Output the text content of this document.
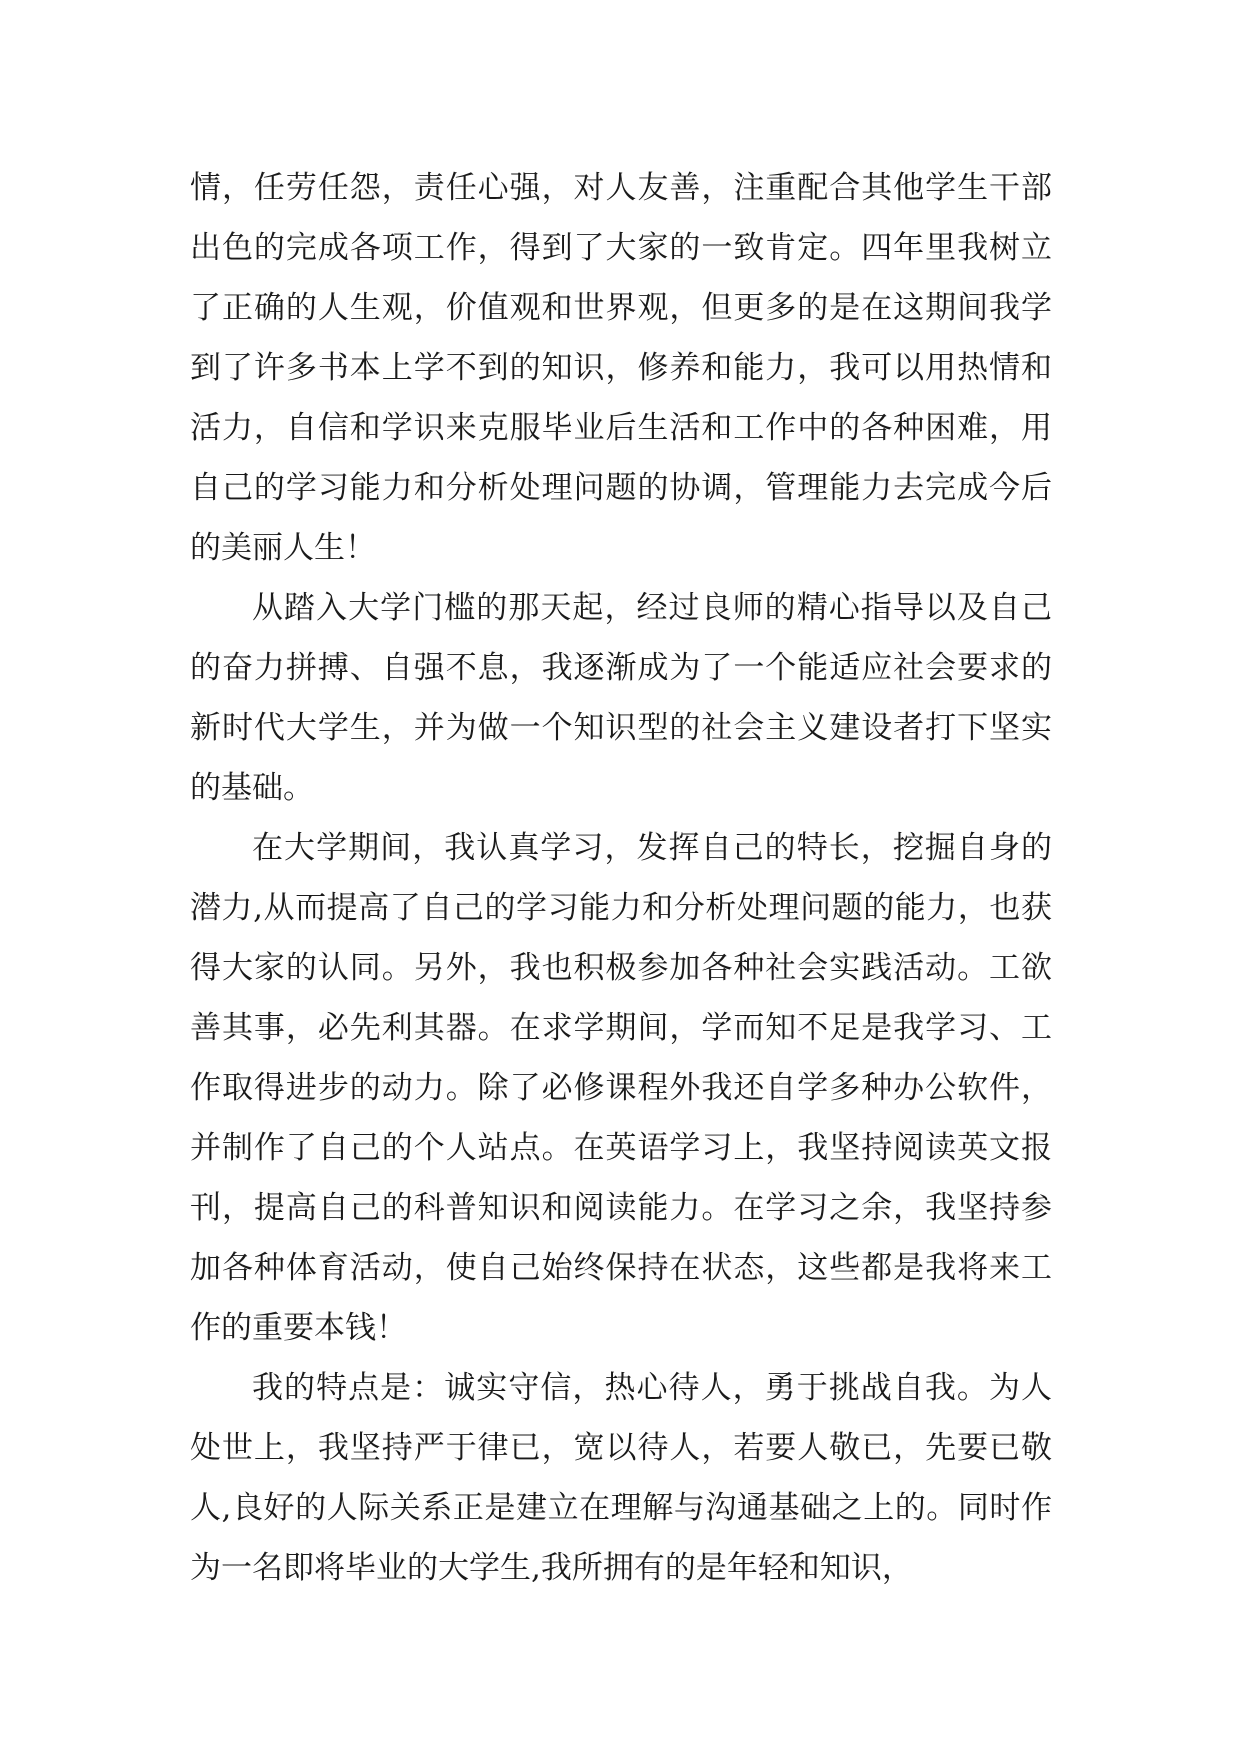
情，任劳任怨，责任心强，对人友善，注重配合其他学生干部出色的完成各项工作，得到了大家的一致肯定。四年里我树立了正确的人生观，价值观和世界观，但更多的是在这期间我学到了许多书本上学不到的知识，修养和能力，我可以用热情和活力，自信和学识来克服毕业后生活和工作中的各种困难，用自己的学习能力和分析处理问题的协调，管理能力去完成今后的美丽人生！

从踏入大学门槛的那天起，经过良师的精心指导以及自己的奋力拼搏、自强不息，我逐渐成为了一个能适应社会要求的新时代大学生，并为做一个知识型的社会主义建设者打下坚实的基础。

在大学期间，我认真学习，发挥自己的特长，挖掘自身的潜力,从而提高了自己的学习能力和分析处理问题的能力，也获得大家的认同。另外，我也积极参加各种社会实践活动。工欲善其事，必先利其器。在求学期间，学而知不足是我学习、工作取得进步的动力。除了必修课程外我还自学多种办公软件，并制作了自己的个人站点。在英语学习上，我坚持阅读英文报刊，提高自己的科普知识和阅读能力。在学习之余，我坚持参加各种体育活动，使自己始终保持在状态，这些都是我将来工作的重要本钱！

我的特点是：诚实守信，热心待人，勇于挑战自我。为人处世上，我坚持严于律已，宽以待人，若要人敬已，先要已敬人,良好的人际关系正是建立在理解与沟通基础之上的。同时作为一名即将毕业的大学生,我所拥有的是年轻和知识，
